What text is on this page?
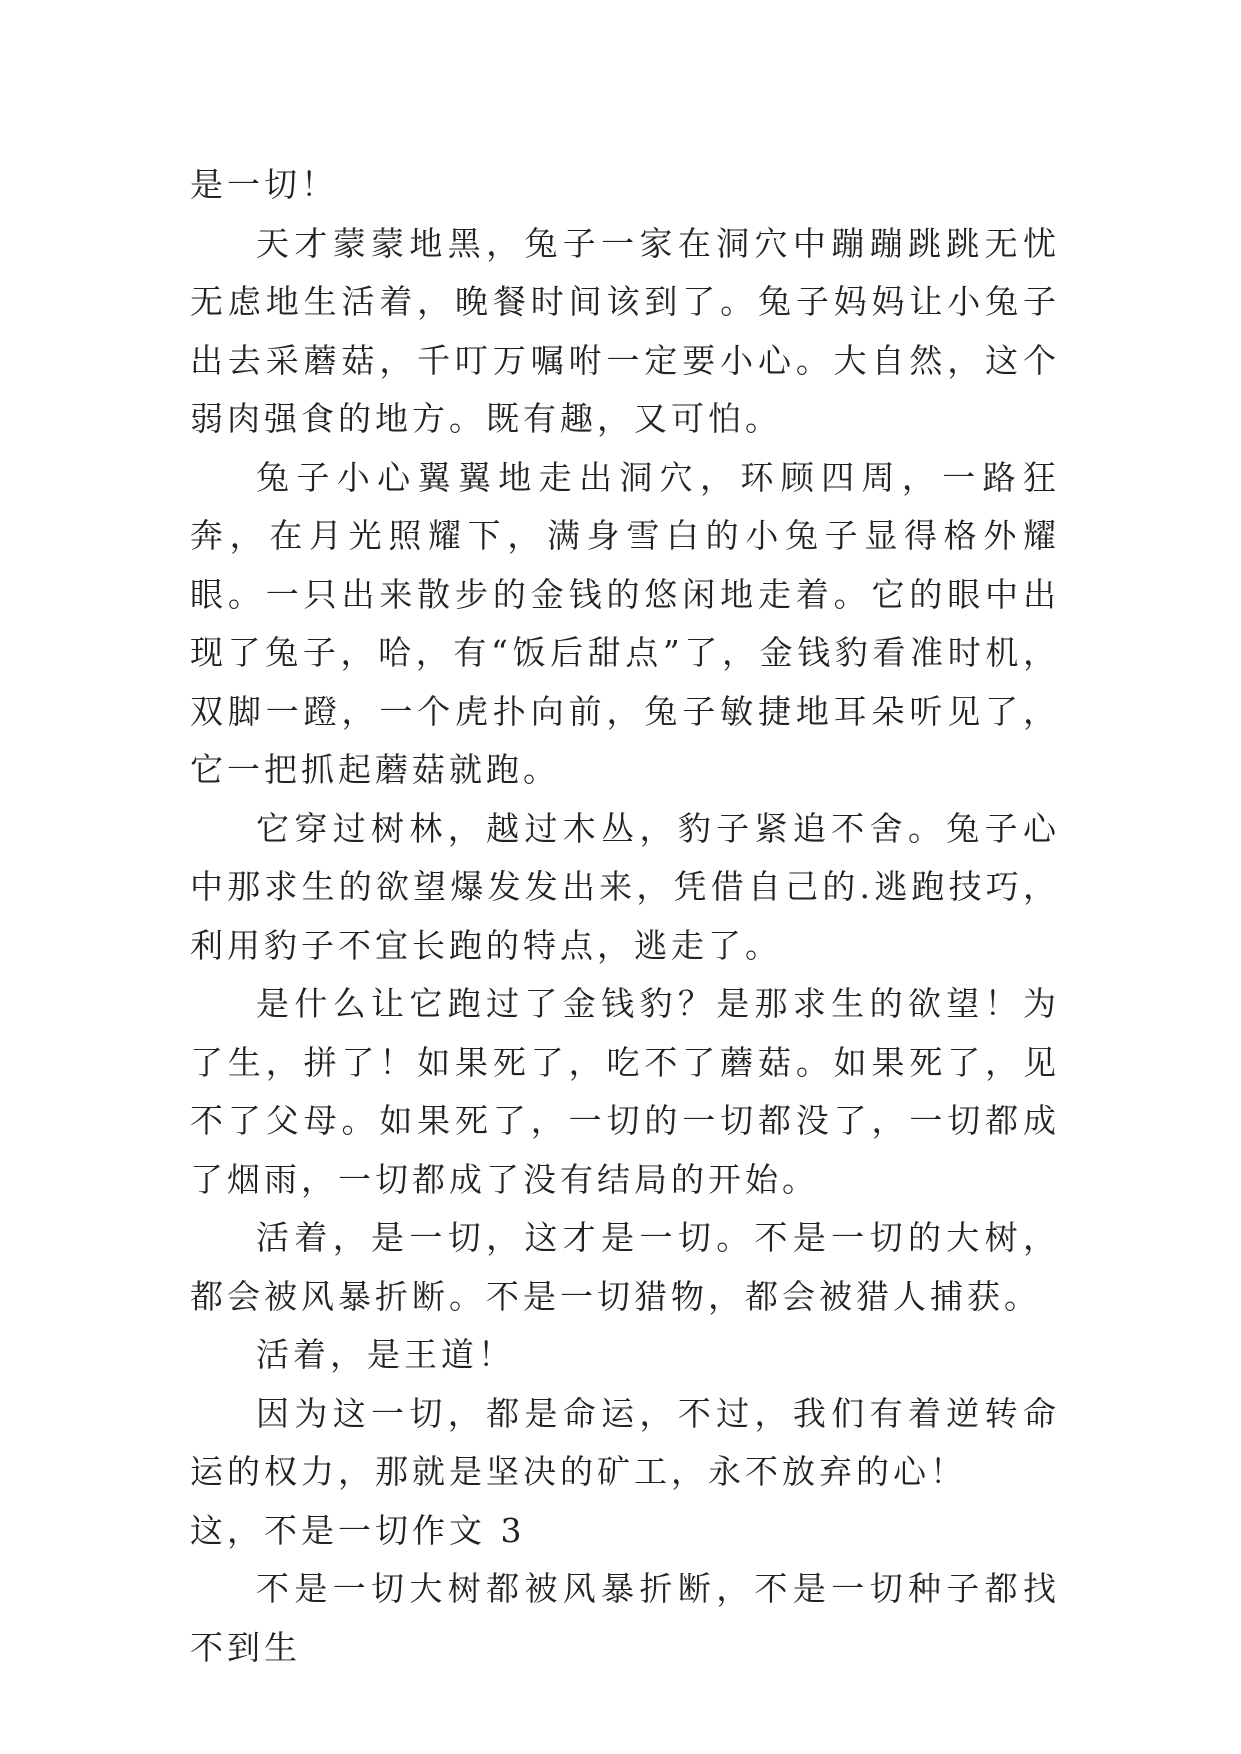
是一切！

天才蒙蒙地黑，兔子一家在洞穴中蹦蹦跳跳无忧无虑地生活着，晚餐时间该到了。兔子妈妈让小兔子出去采蘑菇，千叮万嘱咐一定要小心。大自然，这个弱肉强食的地方。既有趣，又可怕。

兔子小心翼翼地走出洞穴，环顾四周，一路狂奔，在月光照耀下，满身雪白的小兔子显得格外耀眼。一只出来散步的金钱的悠闲地走着。它的眼中出现了兔子，哈，有“饭后甜点”了，金钱豹看准时机，双脚一蹬，一个虎扑向前，兔子敏捷地耳朵听见了，它一把抓起蘑菇就跑。

它穿过树林，越过木丛，豹子紧追不舍。兔子心中那求生的欲望爆发发出来，凭借自己的.逃跑技巧，利用豹子不宜长跑的特点，逃走了。

是什么让它跑过了金钱豹？是那求生的欲望！为了生，拼了！如果死了，吃不了蘑菇。如果死了，见不了父母。如果死了，一切的一切都没了，一切都成了烟雨，一切都成了没有结局的开始。

活着，是一切，这才是一切。不是一切的大树，都会被风暴折断。不是一切猎物，都会被猎人捕获。

活着，是王道！

因为这一切，都是命运，不过，我们有着逆转命运的权力，那就是坚决的矿工，永不放弃的心！

这，不是一切作文 3

不是一切大树都被风暴折断，不是一切种子都找不到生
